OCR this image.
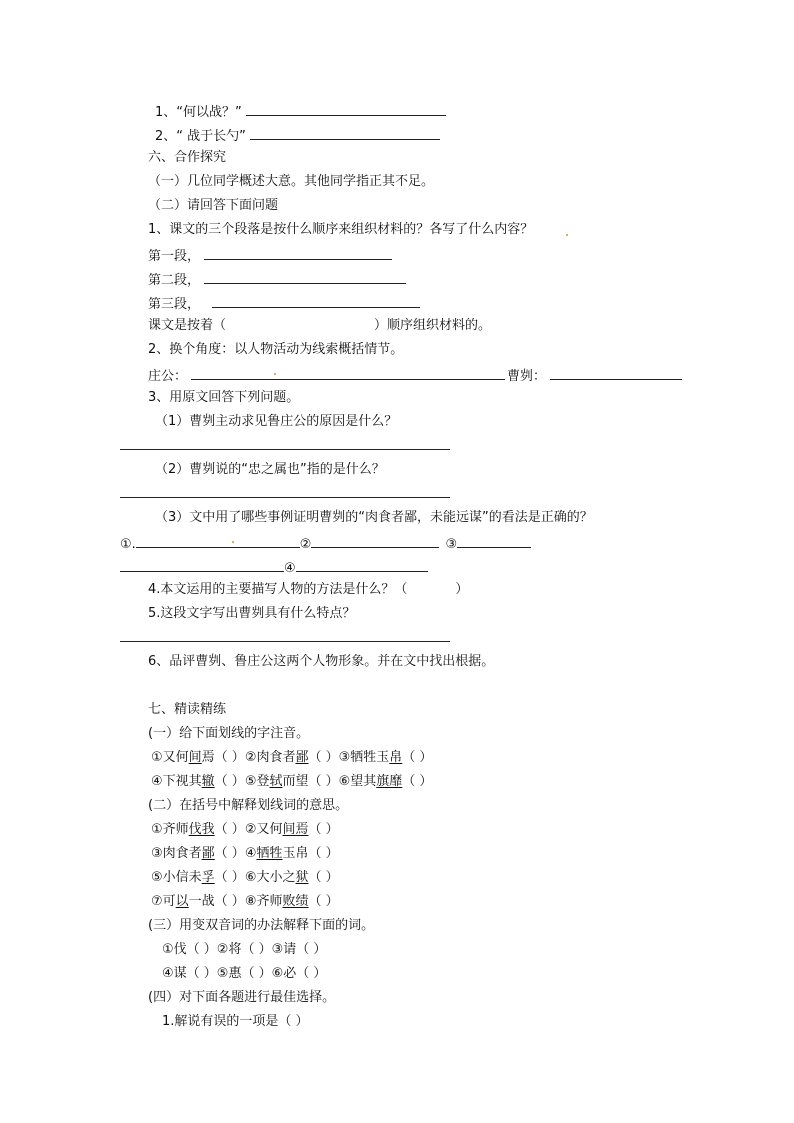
1、“何以战？”
2、“ 战于长勺”
六、合作探究
（一）几位同学概述大意。其他同学指正其不足。
（二）请回答下面问题
1、课文的三个段落是按什么顺序来组织材料的？各写了什么内容？
第一段，
第二段，
第三段，
课文是按着（	）顺序组织材料的。
2、换个角度：以人物活动为线索概括情节。
庄公：	曹刿：
3、用原文回答下列问题。
（1）曹刿主动求见鲁庄公的原因是什么？
（2）曹刿说的“忠之属也”指的是什么？
（3）文中用了哪些事例证明曹刿的“肉食者鄙，未能远谋”的看法是正确的？
①.	②	③
④
4.本文运用的主要描写人物的方法是什么？（	）
5.这段文字写出曹刿具有什么特点？
6、品评曹刿、鲁庄公这两个人物形象。并在文中找出根据。
七、精读精练
(一）给下面划线的字注音。
①又何间焉（ ）②肉食者鄙（ ）③牺牲玉帛（ ）
④下视其辙（ ）⑤登轼而望（ ）⑥望其旗靡（ ）
(二）在括号中解释划线词的意思。
①齐师伐我（ ）②又何间焉（ ）
③肉食者鄙（ ）④牺牲玉帛（ ）
⑤小信未孚（ ）⑥大小之狱（ ）
⑦可以一战（ ）⑧齐师败绩（ ）
(三）用变双音词的办法解释下面的词。
①伐（ ）②将（ ）③请（ ）
④谋（ ）⑤惠（ ）⑥必（ ）
(四）对下面各题进行最佳选择。
1.解说有误的一项是（ ）
